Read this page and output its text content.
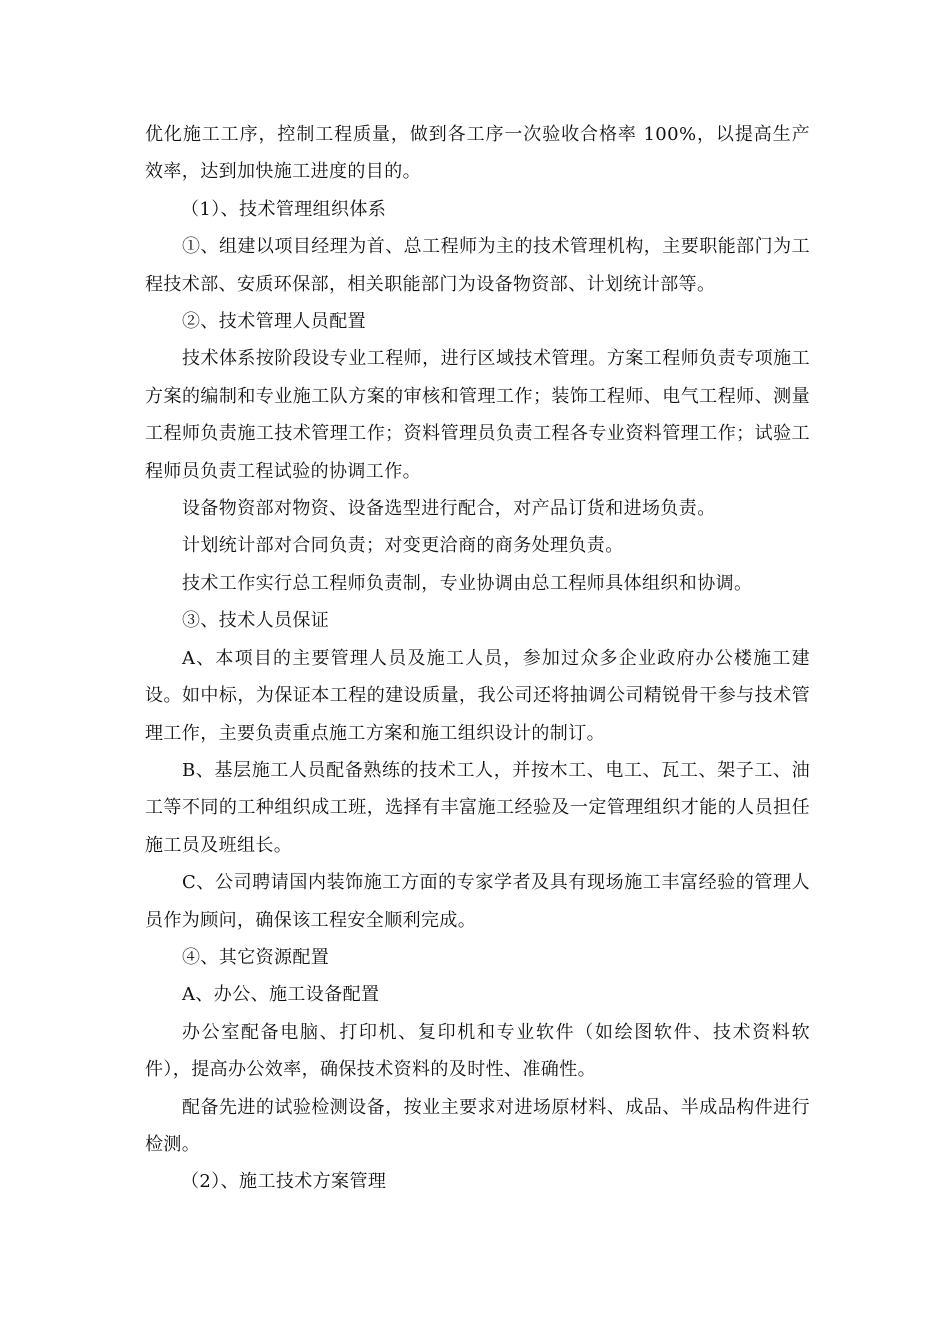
优化施工工序，控制工程质量，做到各工序一次验收合格率 100%，以提高生产效率，达到加快施工进度的目的。

（1）、技术管理组织体系

①、组建以项目经理为首、总工程师为主的技术管理机构，主要职能部门为工程技术部、安质环保部，相关职能部门为设备物资部、计划统计部等。

②、技术管理人员配置

技术体系按阶段设专业工程师，进行区域技术管理。方案工程师负责专项施工方案的编制和专业施工队方案的审核和管理工作；装饰工程师、电气工程师、测量工程师负责施工技术管理工作；资料管理员负责工程各专业资料管理工作；试验工程师员负责工程试验的协调工作。

设备物资部对物资、设备选型进行配合，对产品订货和进场负责。

计划统计部对合同负责；对变更洽商的商务处理负责。

技术工作实行总工程师负责制，专业协调由总工程师具体组织和协调。

③、技术人员保证

A、本项目的主要管理人员及施工人员，参加过众多企业政府办公楼施工建设。如中标，为保证本工程的建设质量，我公司还将抽调公司精锐骨干参与技术管理工作，主要负责重点施工方案和施工组织设计的制订。

B、基层施工人员配备熟练的技术工人，并按木工、电工、瓦工、架子工、油工等不同的工种组织成工班，选择有丰富施工经验及一定管理组织才能的人员担任施工员及班组长。

C、公司聘请国内装饰施工方面的专家学者及具有现场施工丰富经验的管理人员作为顾问，确保该工程安全顺利完成。

④、其它资源配置

A、办公、施工设备配置

办公室配备电脑、打印机、复印机和专业软件（如绘图软件、技术资料软件），提高办公效率，确保技术资料的及时性、准确性。

配备先进的试验检测设备，按业主要求对进场原材料、成品、半成品构件进行检测。

（2）、施工技术方案管理
